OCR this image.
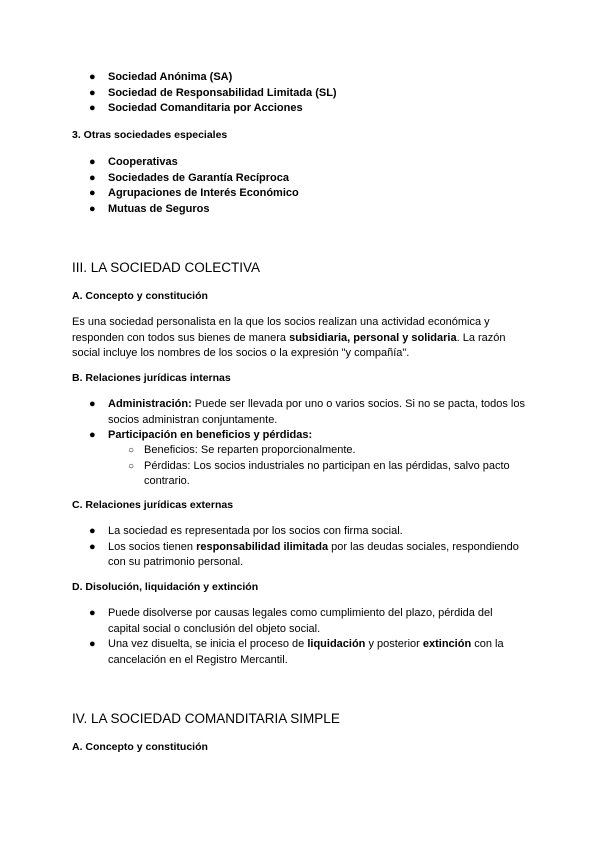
● Sociedad Anónima (SA)
● Sociedad de Responsabilidad Limitada (SL)
● Sociedad Comanditaria por Acciones
3. Otras sociedades especiales
● Cooperativas
● Sociedades de Garantía Recíproca
● Agrupaciones de Interés Económico
● Mutuas de Seguros
III. LA SOCIEDAD COLECTIVA
A. Concepto y constitución
Es una sociedad personalista en la que los socios realizan una actividad económica y responden con todos sus bienes de manera subsidiaria, personal y solidaria. La razón social incluye los nombres de los socios o la expresión "y compañía".
B. Relaciones jurídicas internas
● Administración: Puede ser llevada por uno o varios socios. Si no se pacta, todos los socios administran conjuntamente.
● Participación en beneficios y pérdidas:
○ Beneficios: Se reparten proporcionalmente.
○ Pérdidas: Los socios industriales no participan en las pérdidas, salvo pacto contrario.
C. Relaciones jurídicas externas
● La sociedad es representada por los socios con firma social.
● Los socios tienen responsabilidad ilimitada por las deudas sociales, respondiendo con su patrimonio personal.
D. Disolución, liquidación y extinción
● Puede disolverse por causas legales como cumplimiento del plazo, pérdida del capital social o conclusión del objeto social.
● Una vez disuelta, se inicia el proceso de liquidación y posterior extinción con la cancelación en el Registro Mercantil.
IV. LA SOCIEDAD COMANDITARIA SIMPLE
A. Concepto y constitución
